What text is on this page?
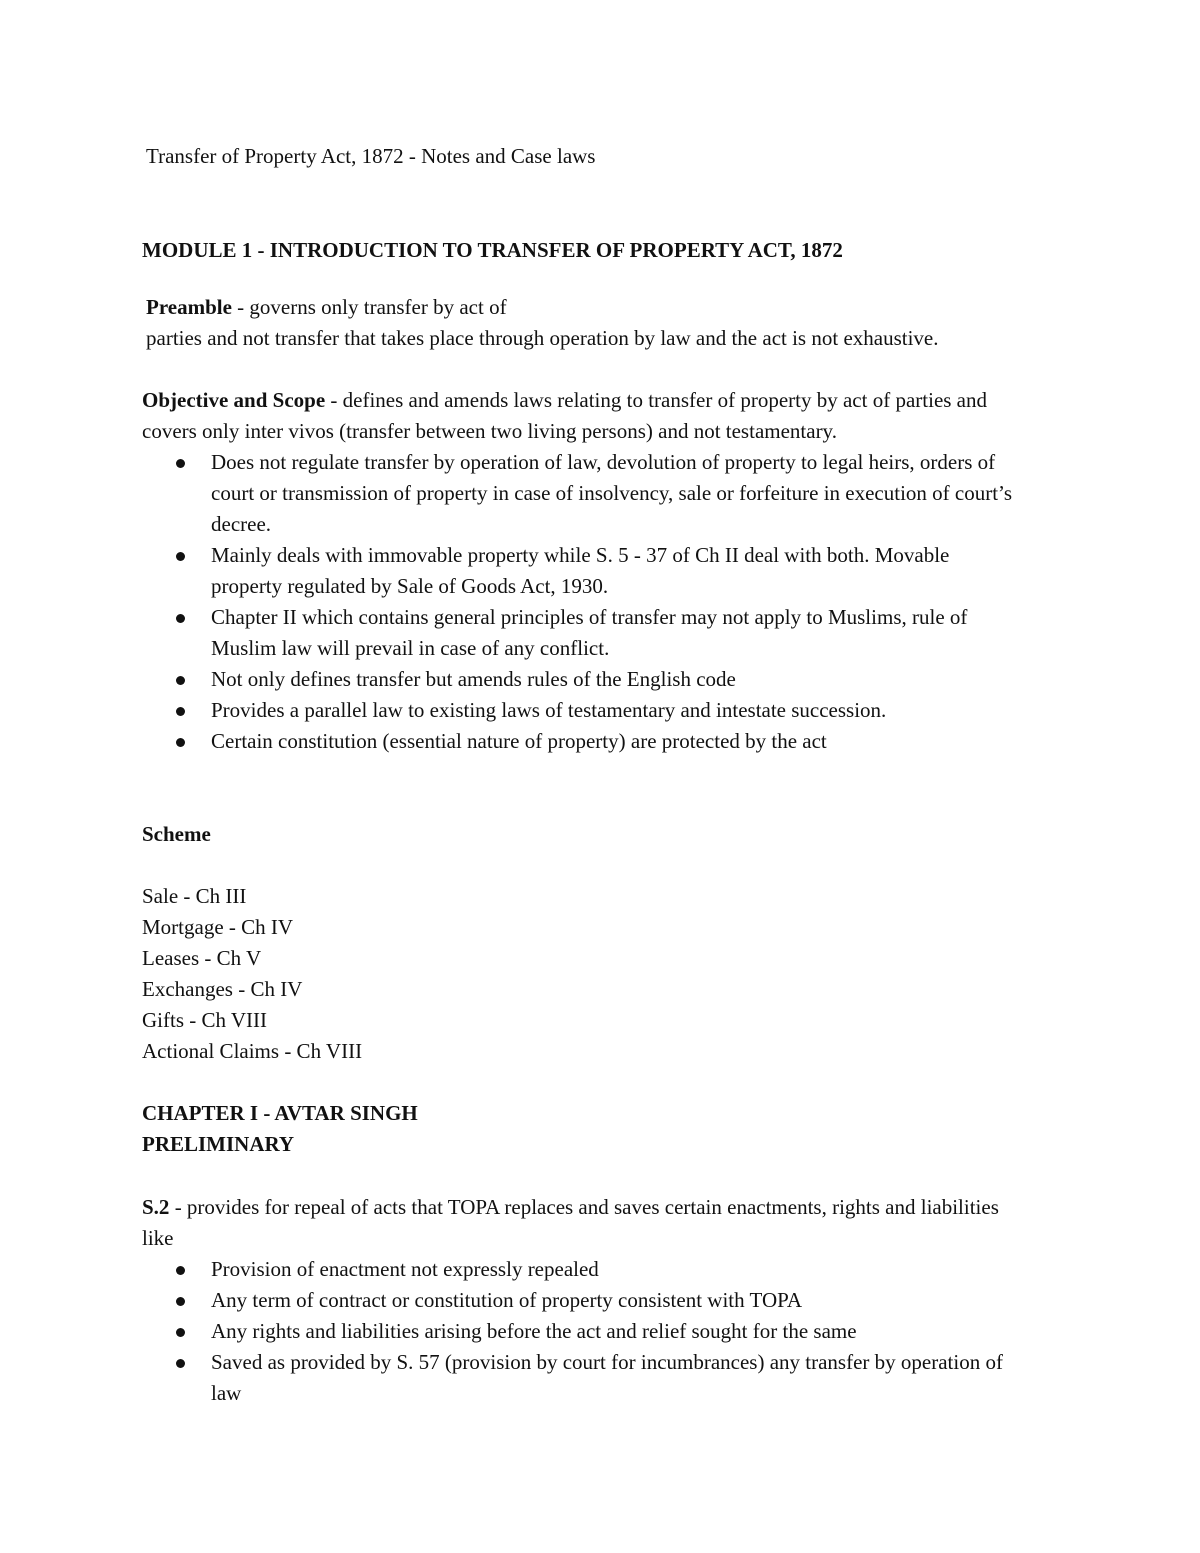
Transfer of Property Act, 1872 - Notes and Case laws
MODULE 1 - INTRODUCTION TO TRANSFER OF PROPERTY ACT, 1872
Preamble - governs only transfer by act of
parties and not transfer that takes place through operation by law and the act is not exhaustive.
Objective and Scope - defines and amends laws relating to transfer of property by act of parties and
covers only inter vivos (transfer between two living persons) and not testamentary.
Does not regulate transfer by operation of law, devolution of property to legal heirs, orders of
court or transmission of property in case of insolvency, sale or forfeiture in execution of court’s
decree.
Mainly deals with immovable property while S. 5 - 37 of Ch II deal with both. Movable
property regulated by Sale of Goods Act, 1930.
Chapter II which contains general principles of transfer may not apply to Muslims, rule of
Muslim law will prevail in case of any conflict.
Not only defines transfer but amends rules of the English code
Provides a parallel law to existing laws of testamentary and intestate succession.
Certain constitution (essential nature of property) are protected by the act
Scheme
Sale - Ch III
Mortgage - Ch IV
Leases - Ch V
Exchanges - Ch IV
Gifts - Ch VIII
Actional Claims - Ch VIII
CHAPTER I - AVTAR SINGH
PRELIMINARY
S.2 - provides for repeal of acts that TOPA replaces and saves certain enactments, rights and liabilities
like
Provision of enactment not expressly repealed
Any term of contract or constitution of property consistent with TOPA
Any rights and liabilities arising before the act and relief sought for the same
Saved as provided by S. 57 (provision by court for incumbrances) any transfer by operation of
law
